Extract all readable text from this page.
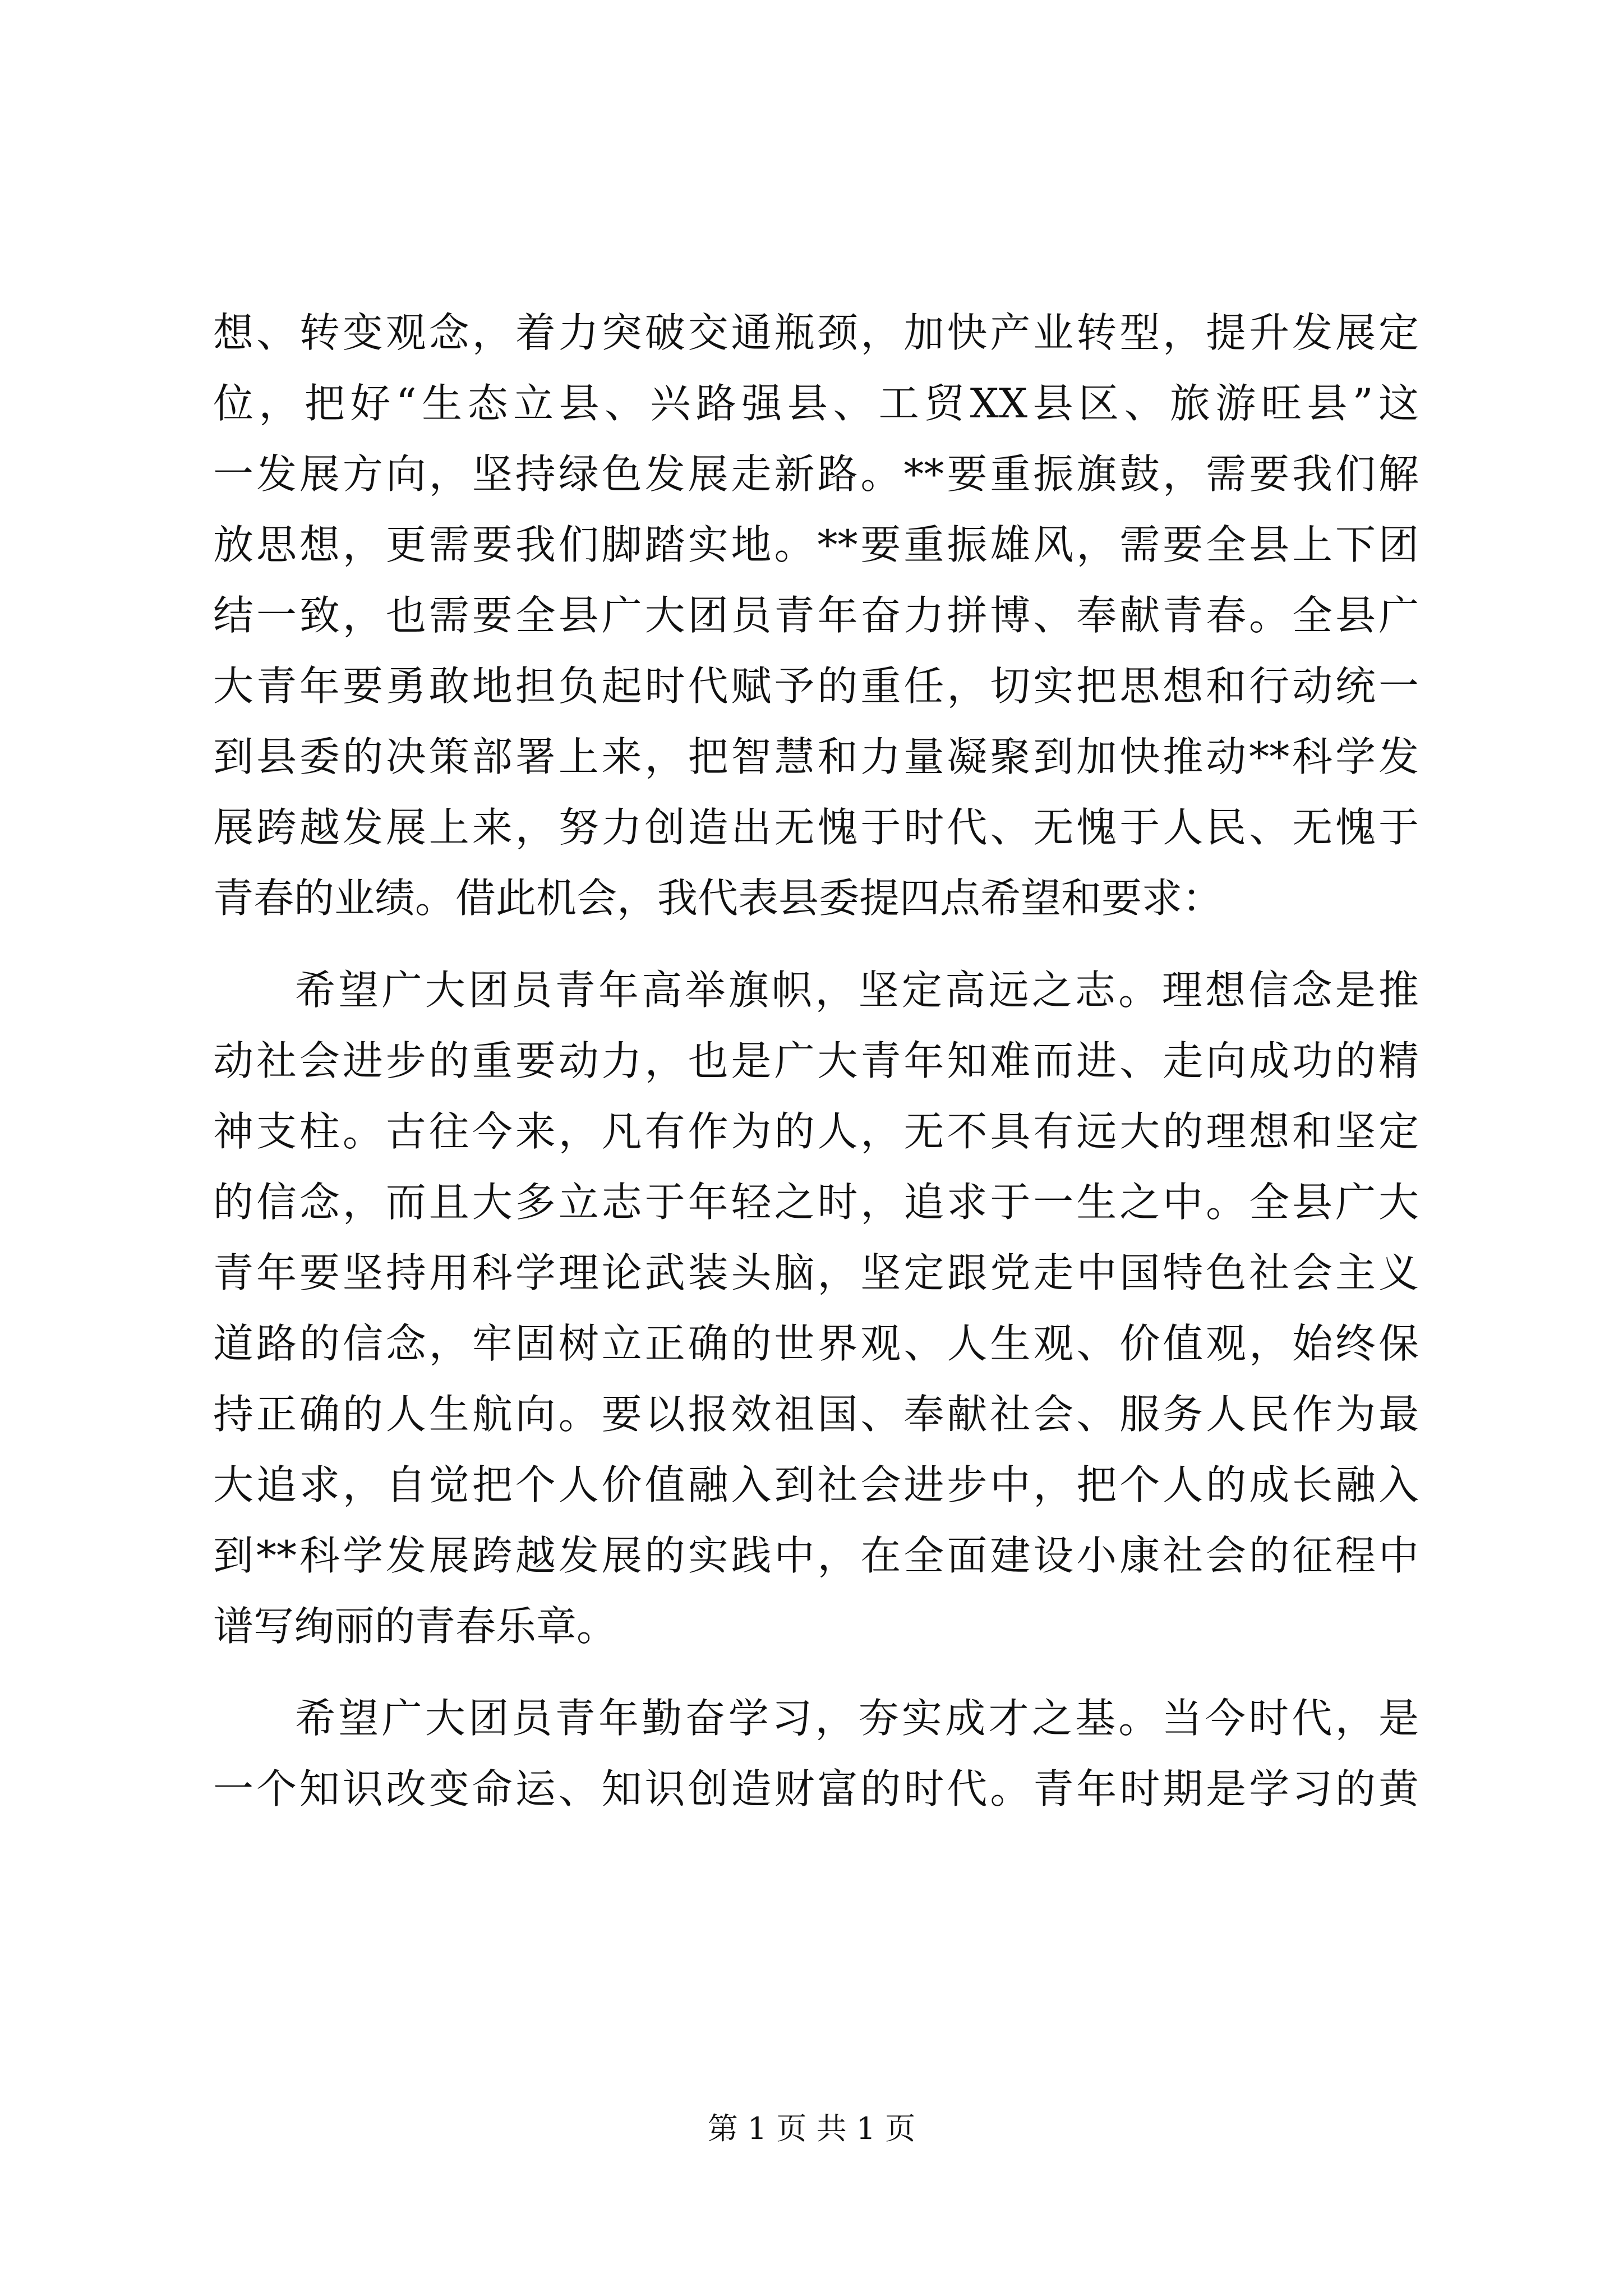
想、转变观念，着力突破交通瓶颈，加快产业转型，提升发展定
位，把好“生态立县、兴路强县、工贸XX县区、旅游旺县”这
一发展方向，坚持绿色发展走新路。**要重振旗鼓，需要我们解
放思想，更需要我们脚踏实地。**要重振雄风，需要全县上下团
结一致，也需要全县广大团员青年奋力拼博、奉献青春。全县广
大青年要勇敢地担负起时代赋予的重任，切实把思想和行动统一
到县委的决策部署上来，把智慧和力量凝聚到加快推动**科学发
展跨越发展上来，努力创造出无愧于时代、无愧于人民、无愧于
青春的业绩。借此机会，我代表县委提四点希望和要求：
希望广大团员青年高举旗帜，坚定高远之志。理想信念是推
动社会进步的重要动力，也是广大青年知难而进、走向成功的精
神支柱。古往今来，凡有作为的人，无不具有远大的理想和坚定
的信念，而且大多立志于年轻之时，追求于一生之中。全县广大
青年要坚持用科学理论武装头脑，坚定跟党走中国特色社会主义
道路的信念，牢固树立正确的世界观、人生观、价值观，始终保
持正确的人生航向。要以报效祖国、奉献社会、服务人民作为最
大追求，自觉把个人价值融入到社会进步中，把个人的成长融入
到**科学发展跨越发展的实践中，在全面建设小康社会的征程中
谱写绚丽的青春乐章。
希望广大团员青年勤奋学习，夯实成才之基。当今时代，是
一个知识改变命运、知识创造财富的时代。青年时期是学习的黄
第 1 页 共 1 页
